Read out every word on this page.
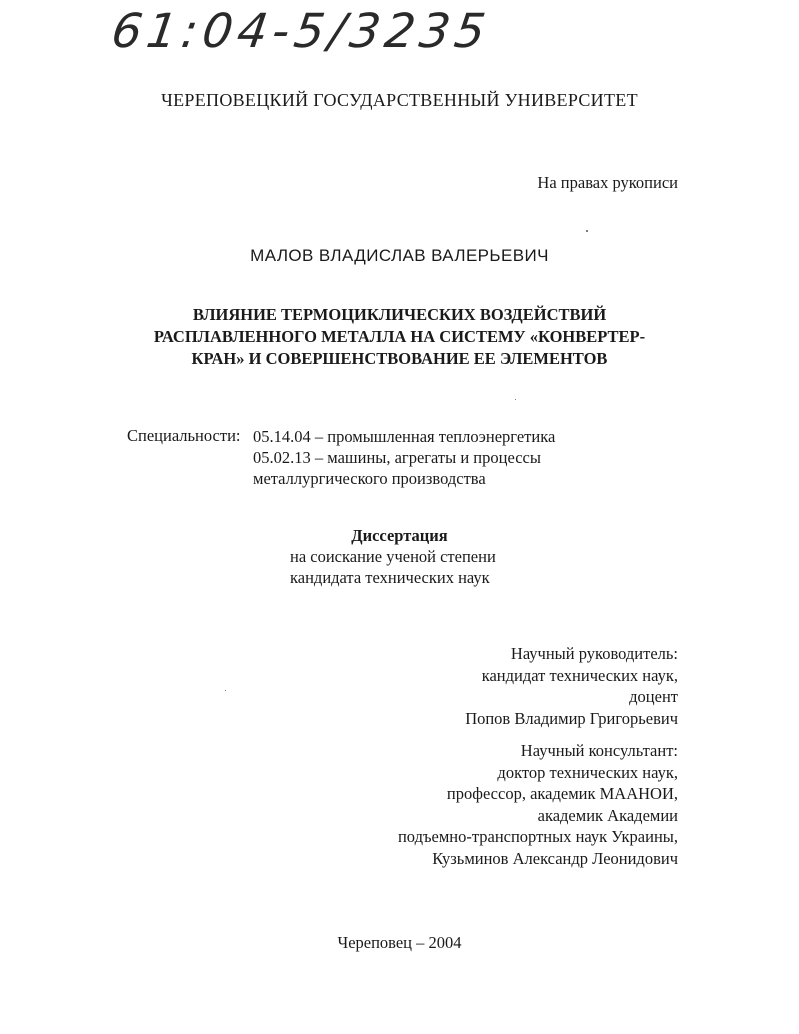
61:04-5/3235
ЧЕРЕПОВЕЦКИЙ ГОСУДАРСТВЕННЫЙ УНИВЕРСИТЕТ
На правах рукописи
МАЛОВ ВЛАДИСЛАВ ВАЛЕРЬЕВИЧ
ВЛИЯНИЕ ТЕРМОЦИКЛИЧЕСКИХ ВОЗДЕЙСТВИЙ
РАСПЛАВЛЕННОГО МЕТАЛЛА НА СИСТЕМУ «КОНВЕРТЕР-
КРАН» И СОВЕРШЕНСТВОВАНИЕ ЕЕ ЭЛЕМЕНТОВ
Специальности: 05.14.04 – промышленная теплоэнергетика
05.02.13 – машины, агрегаты и процессы
металлургического производства
Диссертация
на соискание ученой степени
кандидата технических наук
Научный руководитель:
кандидат технических наук,
доцент
Попов Владимир Григорьевич
Научный консультант:
доктор технических наук,
профессор, академик МААНОИ,
академик Академии
подъемно-транспортных наук Украины,
Кузьминов Александр Леонидович
Череповец – 2004
